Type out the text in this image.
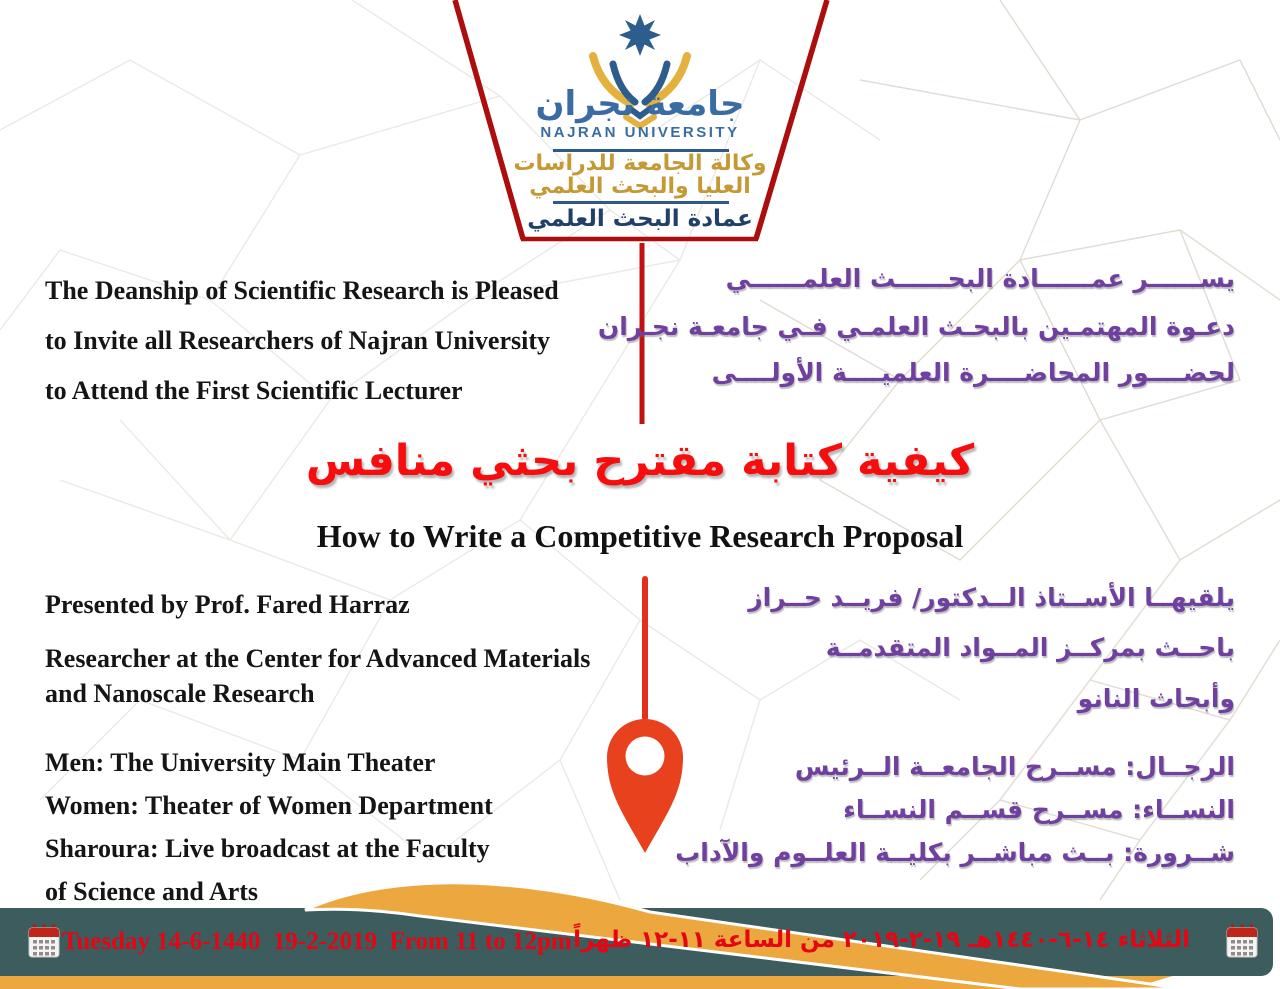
جامعة نجران
NAJRAN UNIVERSITY
وكالة الجامعة للدراسات
العليا والبحث العلمي
عمادة البحث العلمي
The Deanship of Scientific Research is Pleased
to Invite all Researchers of Najran University
to Attend the First Scientific Lecturer
يســــــر عمــــــادة البحــــــث العلمــــــي
دعـوة المهتمـين بالبحـث العلمـي فـي جامعـة نجـران
لحضــــور المحاضــــرة العلميــــة الأولــــى
كيفية كتابة مقترح بحثي منافس
How to Write a Competitive Research Proposal
Presented by Prof. Fared Harraz
Researcher at the Center for Advanced Materials
and Nanoscale Research
يلقيهــا الأســتاذ الــدكتور/ فريــد حــراز
باحــث بمركــز المــواد المتقدمــة
وأبحاث النانو
Men: The University Main Theater
Women: Theater of Women Department
Sharoura: Live broadcast at the Faculty
of Science and Arts
الرجــال: مســرح الجامعــة الــرئيس
النســاء: مســرح قســم النســاء
شــرورة: بــث مباشــر بكليــة العلــوم والآداب
Tuesday 14-6-1440  19-2-2019  From 11 to 12pm الثلاثاء ١٤-٦-١٤٤٠هـ ١٩-٢-٢٠١٩ من الساعة ١١-١٢ ظهراً
